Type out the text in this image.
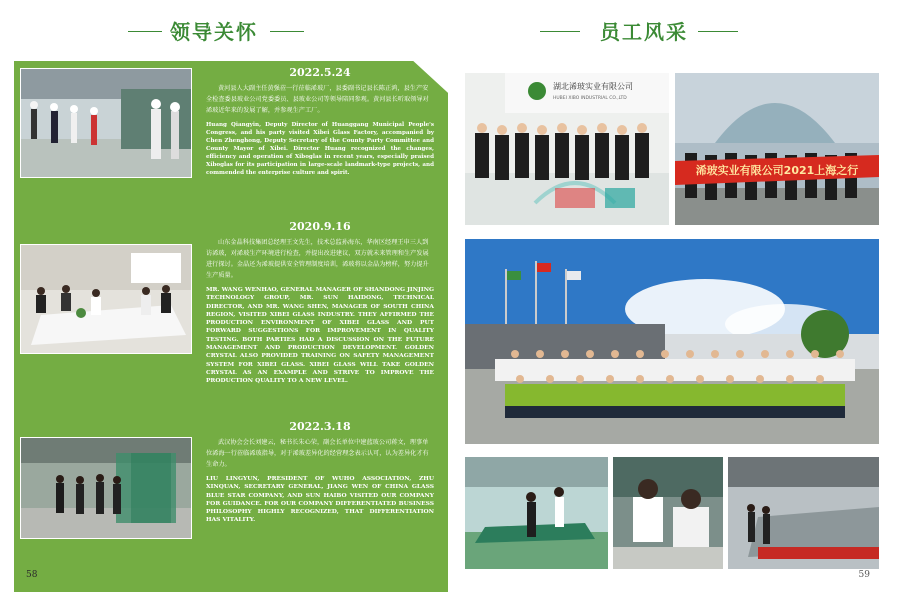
领导关怀
2022.5.24
黄河县人大副主任黄强莅一行莅临浠玻厂，县委副书记县长陈正鸿，县生产安全检查委县玻业公司党委委员、县玻业公司等领导陪同参观。黄河县长听取领导对浠玻近年来的发展了解，并参观生产工厂。
Huang Qiangyin, Deputy Director of Huanggang Municipal People's Congress, and his party visited Xibei Glass Factory, accompanied by Chen Zhenghong, Deputy Secretary of the County Party Committee and County Mayor of Xibei. Director Huang recognized the changes, efficiency and operation of Xiboglas in recent years, especially praised Xiboglas for its participation in large-scale landmark-type projects, and commended the enterprise culture and spirit.
2020.9.16
山东金晶科技集团总经理王文先生，技术总监孙海东，华南区经理王申三人到访浠玻，对浠玻生产环境进行检查，并提出改进建议，双方就未来管理和生产发展进行探讨。金晶还为浠玻提供安全管理制度培训，浠玻将以金晶为榜样，努力提升生产质量。
MR. WANG WENHAO, GENERAL MANAGER OF SHANDONG JINJING TECHNOLOGY GROUP, MR. SUN HAIDONG, TECHNICAL DIRECTOR, AND MR. WANG SHEN, MANAGER OF SOUTH CHINA REGION, VISITED XIBEI GLASS INDUSTRY. THEY AFFIRMED THE PRODUCTION ENVIRONMENT OF XIBEI GLASS AND PUT FORWARD SUGGESTIONS FOR IMPROVEMENT IN QUALITY TESTING. BOTH PARTIES HAD A DISCUSSION ON THE FUTURE MANAGEMENT AND PRODUCTION DEVELOPMENT. GOLDEN CRYSTAL ALSO PROVIDED TRAINING ON SAFETY MANAGEMENT SYSTEM FOR XIBEI GLASS. XIBEI GLASS WILL TAKE GOLDEN CRYSTAL AS AN EXAMPLE AND STRIVE TO IMPROVE THE PRODUCTION QUALITY TO A NEW LEVEL.
2022.3.18
武汉协会会长刘建云，秘书长朱心荣，副会长单位中建蓝玻公司蒋文，理事单位浠海一行莅临浠玻指导，对于浠玻差异化的经营理念表示认可，认为差异化才有生命力。
LIU LINGYUN, PRESIDENT OF WUHO ASSOCIATION, ZHU XINQUAN, SECRETARY GENERAL, JIANG WEN OF CHINA GLASS BLUE STAR COMPANY, AND SUN HAIBO VISITED OUR COMPANY FOR GUIDANCE. FOR OUR COMPANY DIFFERENTIATED BUSINESS PHILOSOPHY HIGHLY RECOGNIZED, THAT DIFFERENTIATION HAS VITALITY.
58
员工风采
湖北浠玻实业有限公司
HUBEI XIBO INDUSTRIAL CO.,LTD
浠玻实业有限公司2021上海之行
59
